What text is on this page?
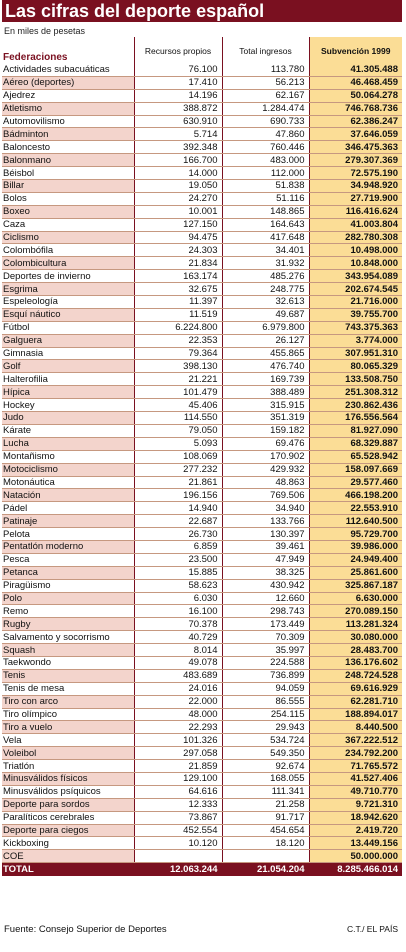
Las cifras del deporte español
En miles de pesetas
Federaciones	Recursos propios	Total ingresos	Subvención 1999
Actividades subacuáticas	76.100	113.780	41.305.488
Aéreo (deportes)	17.410	56.213	46.468.459
Ajedrez	14.196	62.167	50.064.278
Atletismo	388.872	1.284.474	746.768.736
Automovilismo	630.910	690.733	62.386.247
Bádminton	5.714	47.860	37.646.059
Baloncesto	392.348	760.446	346.475.363
Balonmano	166.700	483.000	279.307.369
Béisbol	14.000	112.000	72.575.190
Billar	19.050	51.838	34.948.920
Bolos	24.270	51.116	27.719.900
Boxeo	10.001	148.865	116.416.624
Caza	127.150	164.643	41.003.804
Ciclismo	94.475	417.648	282.780.308
Colombófila	24.303	34.401	10.498.000
Colombicultura	21.834	31.932	10.848.000
Deportes de invierno	163.174	485.276	343.954.089
Esgrima	32.675	248.775	202.674.545
Espeleología	11.397	32.613	21.716.000
Esquí náutico	11.519	49.687	39.755.700
Fútbol	6.224.800	6.979.800	743.375.363
Galguera	22.353	26.127	3.774.000
Gimnasia	79.364	455.865	307.951.310
Golf	398.130	476.740	80.065.329
Halterofilia	21.221	169.739	133.508.750
Hípica	101.479	388.489	251.308.312
Hockey	45.406	315.915	230.862.436
Judo	114.550	351.319	176.556.564
Kárate	79.050	159.182	81.927.090
Lucha	5.093	69.476	68.329.887
Montañismo	108.069	170.902	65.528.942
Motociclismo	277.232	429.932	158.097.669
Motonáutica	21.861	48.863	29.577.460
Natación	196.156	769.506	466.198.200
Pádel	14.940	34.940	22.553.910
Patinaje	22.687	133.766	112.640.500
Pelota	26.730	130.397	95.729.700
Pentatlón moderno	6.859	39.461	39.986.000
Pesca	23.500	47.949	24.949.400
Petanca	15.885	38.325	25.861.600
Piragüismo	58.623	430.942	325.867.187
Polo	6.030	12.660	6.630.000
Remo	16.100	298.743	270.089.150
Rugby	70.378	173.449	113.281.324
Salvamento y socorrismo	40.729	70.309	30.080.000
Squash	8.014	35.997	28.483.700
Taekwondo	49.078	224.588	136.176.602
Tenis	483.689	736.899	248.724.528
Tenis de mesa	24.016	94.059	69.616.929
Tiro con arco	22.000	86.555	62.281.710
Tiro olímpico	48.000	254.115	188.894.017
Tiro a vuelo	22.293	29.943	8.440.500
Vela	101.326	534.724	367.222.512
Voleibol	297.058	549.350	234.792.200
Triatlón	21.859	92.674	71.765.572
Minusválidos físicos	129.100	168.055	41.527.406
Minusválidos psíquicos	64.616	111.341	49.710.770
Deporte para sordos	12.333	21.258	9.721.310
Paralíticos cerebrales	73.867	91.717	18.942.620
Deporte para ciegos	452.554	454.654	2.419.720
Kickboxing	10.120	18.120	13.449.156
COE			50.000.000
TOTAL	12.063.244	21.054.204	8.285.466.014
Fuente: Consejo Superior de Deportes	C.T./ EL PAÍS
